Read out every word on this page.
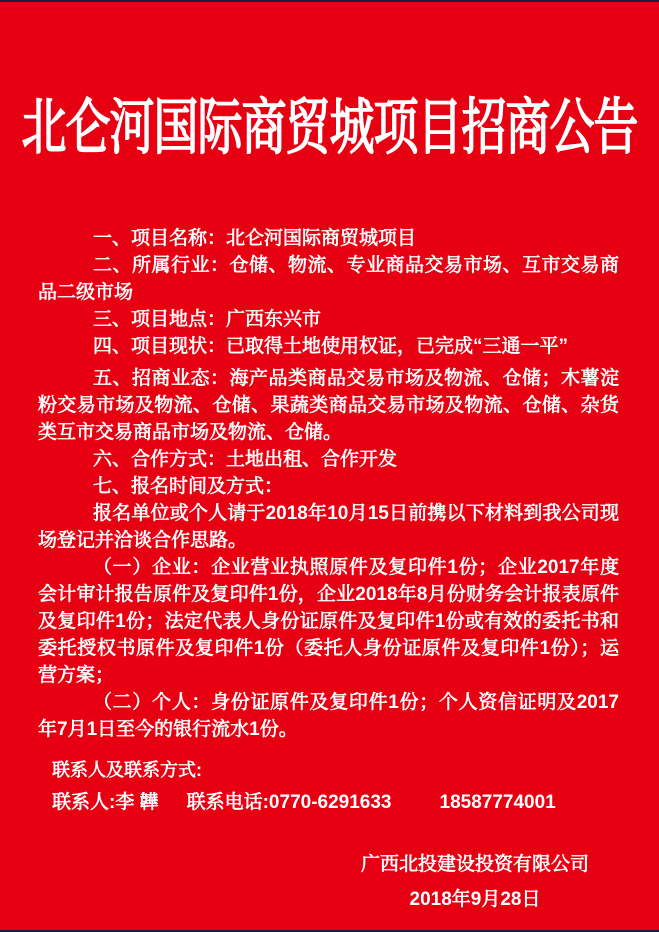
北仑河国际商贸城项目招商公告

一、项目名称：北仑河国际商贸城项目

二、所属行业：仓储、物流、专业商品交易市场、互市交易商品二级市场

三、项目地点：广西东兴市

四、项目现状：已取得土地使用权证，已完成“三通一平”

五、招商业态：海产品类商品交易市场及物流、仓储；木薯淀粉交易市场及物流、仓储、果蔬类商品交易市场及物流、仓储、杂货类互市交易商品市场及物流、仓储。

六、合作方式：土地出租、合作开发

七、报名时间及方式：

报名单位或个人请于2018年10月15日前携以下材料到我公司现场登记并洽谈合作思路。

（一）企业：企业营业执照原件及复印件1份；企业2017年度会计审计报告原件及复印件1份，企业2018年8月份财务会计报表原件及复印件1份；法定代表人身份证原件及复印件1份或有效的委托书和委托授权书原件及复印件1份（委托人身份证原件及复印件1份）；运营方案；

（二）个人：身份证原件及复印件1份；个人资信证明及2017年7月1日至今的银行流水1份。

联系人及联系方式:

联系人:李 韡 联系电话:0770-6291633	18587774001

广西北投建设投资有限公司

2018年9月28日
